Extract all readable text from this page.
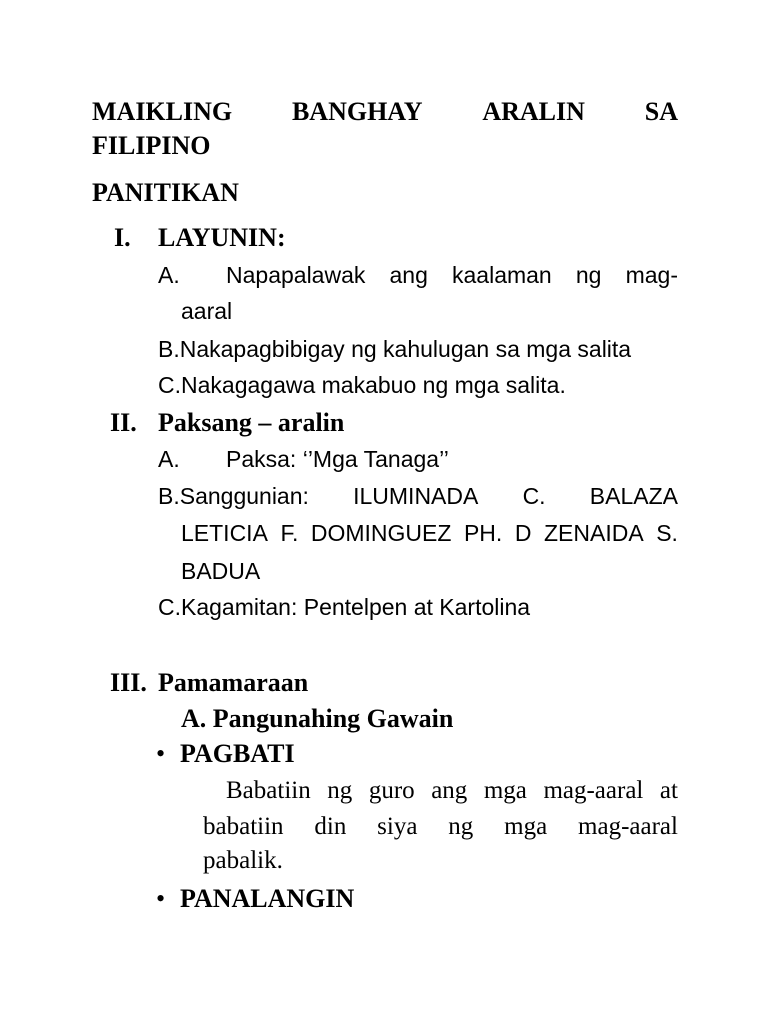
MAIKLING BANGHAY ARALIN SA
FILIPINO
PANITIKAN
I. LAYUNIN:
A. Napapalawak ang kaalaman ng mag-
aaral
B.Nakapagbibigay ng kahulugan sa mga salita
C.Nakagagawa makabuo ng mga salita.
II. Paksang – aralin
A. Paksa: ‘’Mga Tanaga’’
B.Sanggunian: ILUMINADA C. BALAZA
LETICIA F. DOMINGUEZ PH. D ZENAIDA S.
BADUA
C.Kagamitan: Pentelpen at Kartolina
III. Pamamaraan
A. Pangunahing Gawain
• PAGBATI
Babatiin ng guro ang mga mag-aaral at
babatiin din siya ng mga mag-aaral
pabalik.
• PANALANGIN
